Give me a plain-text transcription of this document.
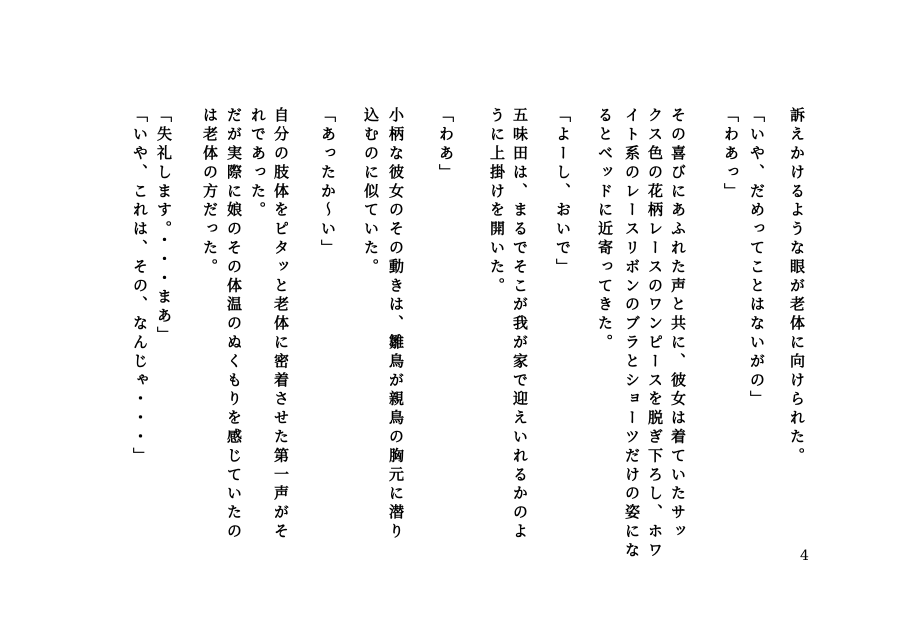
訴えかけるような眼が老体に向けられた。
「いや、だめってことはないがの」
「わあっ」
その喜びにあふれた声と共に、彼女は着ていたサッ
クス色の花柄レースのワンピースを脱ぎ下ろし、ホワ
イト系のレースリボンのブラとショーツだけの姿にな
るとベッドに近寄ってきた。
「よーし、おいで」
五味田は、まるでそこが我が家で迎えいれるかのよ
うに上掛けを開いた。
「わあ」
小柄な彼女のその動きは、雛鳥が親鳥の胸元に潜り
込むのに似ていた。
「あったか〜い」
自分の肢体をピタッと老体に密着させた第一声がそ
れであった。
だが実際に娘のその体温のぬくもりを感じていたの
は老体の方だった。
「失礼します。・・・まあ」
「いや、これは、その、なんじゃ・・・」
4
